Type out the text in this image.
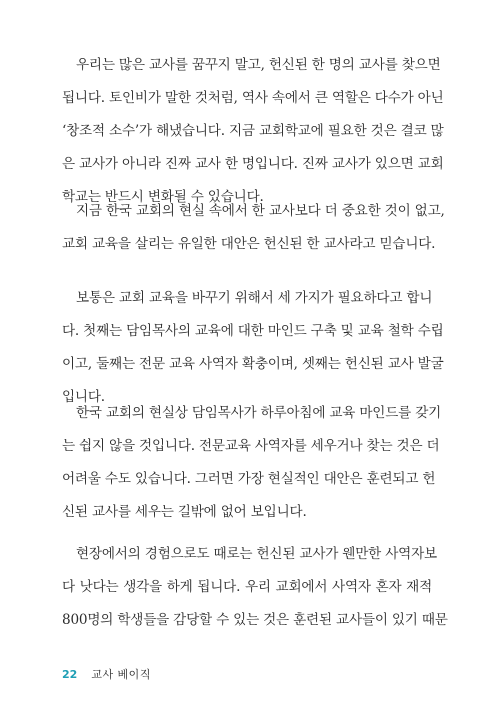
우리는 많은 교사를 꿈꾸지 말고, 헌신된 한 명의 교사를 찾으면
됩니다. 토인비가 말한 것처럼, 역사 속에서 큰 역할은 다수가 아닌
‘창조적 소수’가 해냈습니다. 지금 교회학교에 필요한 것은 결코 많
은 교사가 아니라 진짜 교사 한 명입니다. 진짜 교사가 있으면 교회
학교는 반드시 변화될 수 있습니다.
지금 한국 교회의 현실 속에서 한 교사보다 더 중요한 것이 없고,
교회 교육을 살리는 유일한 대안은 헌신된 한 교사라고 믿습니다.
보통은 교회 교육을 바꾸기 위해서 세 가지가 필요하다고 합니
다. 첫째는 담임목사의 교육에 대한 마인드 구축 및 교육 철학 수립
이고, 둘째는 전문 교육 사역자 확충이며, 셋째는 헌신된 교사 발굴
입니다.
한국 교회의 현실상 담임목사가 하루아침에 교육 마인드를 갖기
는 쉽지 않을 것입니다. 전문교육 사역자를 세우거나 찾는 것은 더
어려울 수도 있습니다. 그러면 가장 현실적인 대안은 훈련되고 헌
신된 교사를 세우는 길밖에 없어 보입니다.
현장에서의 경험으로도 때로는 헌신된 교사가 웬만한 사역자보
다 낫다는 생각을 하게 됩니다. 우리 교회에서 사역자 혼자 재적
800명의 학생들을 감당할 수 있는 것은 훈련된 교사들이 있기 때문
22 교사 베이직
